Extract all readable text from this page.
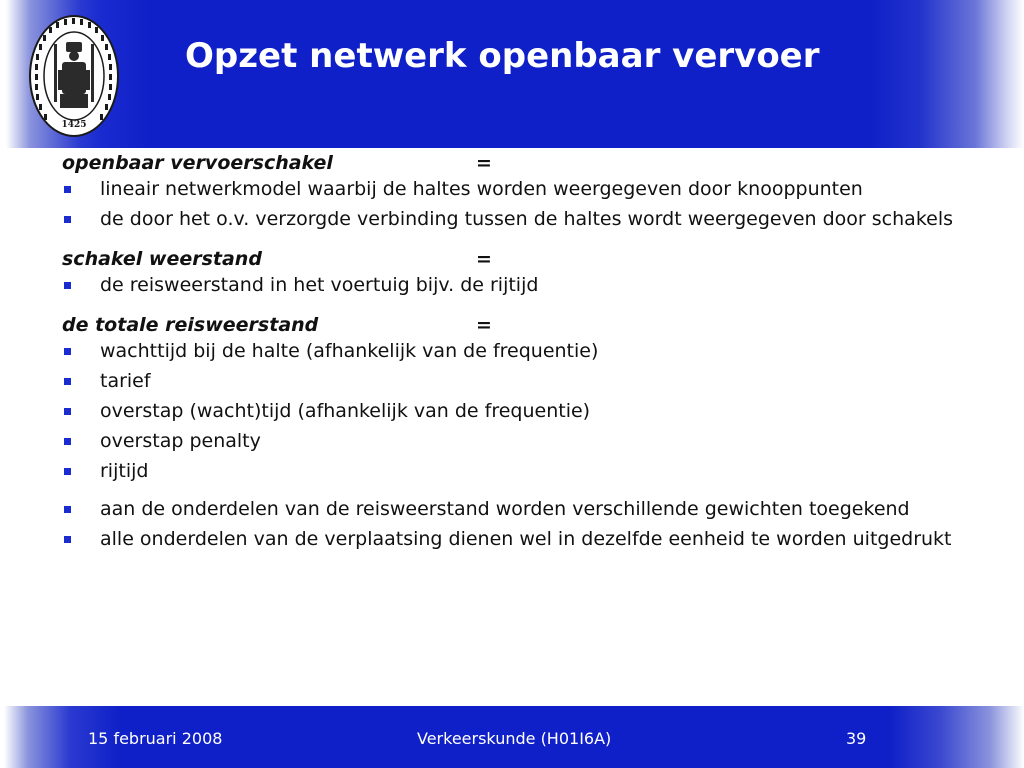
1425
Opzet netwerk openbaar vervoer
openbaar vervoerschakel	=
lineair netwerkmodel waarbij de haltes worden weergegeven door knooppunten
de door het o.v. verzorgde verbinding tussen de haltes wordt weergegeven door schakels
schakel weerstand	=
de reisweerstand in het voertuig bijv. de rijtijd
de totale reisweerstand	=
wachttijd bij de halte (afhankelijk van de frequentie)
tarief
overstap (wacht)tijd (afhankelijk van de frequentie)
overstap penalty
rijtijd
aan de onderdelen van de reisweerstand worden verschillende gewichten toegekend
alle onderdelen van de verplaatsing dienen wel in dezelfde eenheid te worden uitgedrukt
15 februari 2008	Verkeerskunde (H01I6A)	39
